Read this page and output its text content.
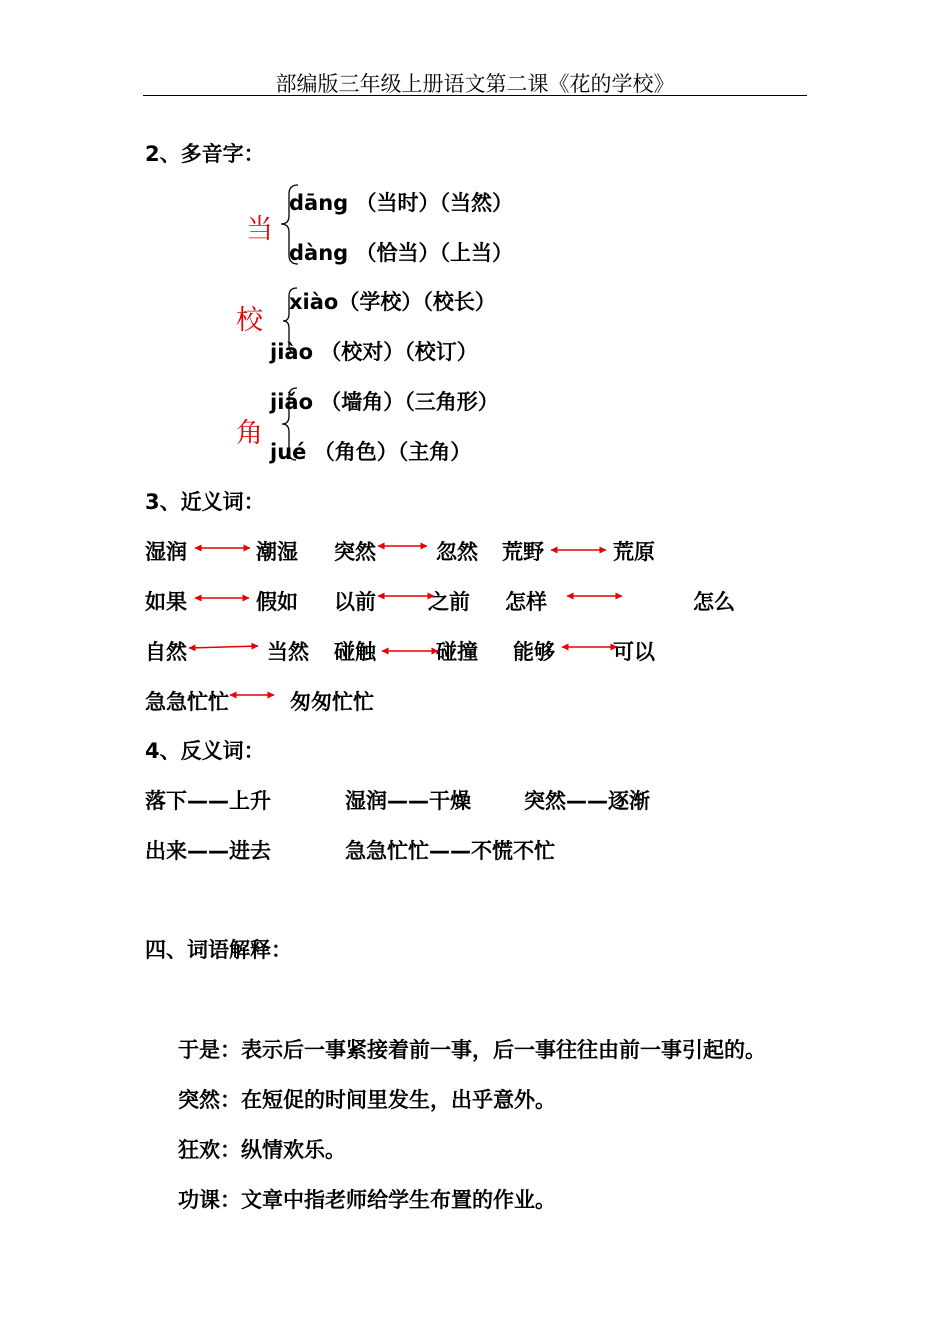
部编版三年级上册语文第二课《花的学校》
2、多音字：
当
dāng （当时）（当然）
dàng （恰当）（上当）
校
xiào（学校）（校长）
jiào （校对）（校订）
角
jiǎo （墙角）（三角形）
jué （角色）（主角）
3、近义词：
湿润	潮湿 突然	忽然 荒野	荒原
如果	假如 以前 之前 怎样	怎么
自然	当然 碰触	碰撞 能够	可以
急急忙忙	匆匆忙忙
4、反义词：
落下——上升	湿润——干燥	突然——逐渐
出来——进去	急急忙忙——不慌不忙
四、词语解释：
于是：表示后一事紧接着前一事，后一事往往由前一事引起的。
突然：在短促的时间里发生，出乎意外。
狂欢：纵情欢乐。
功课：文章中指老师给学生布置的作业。
